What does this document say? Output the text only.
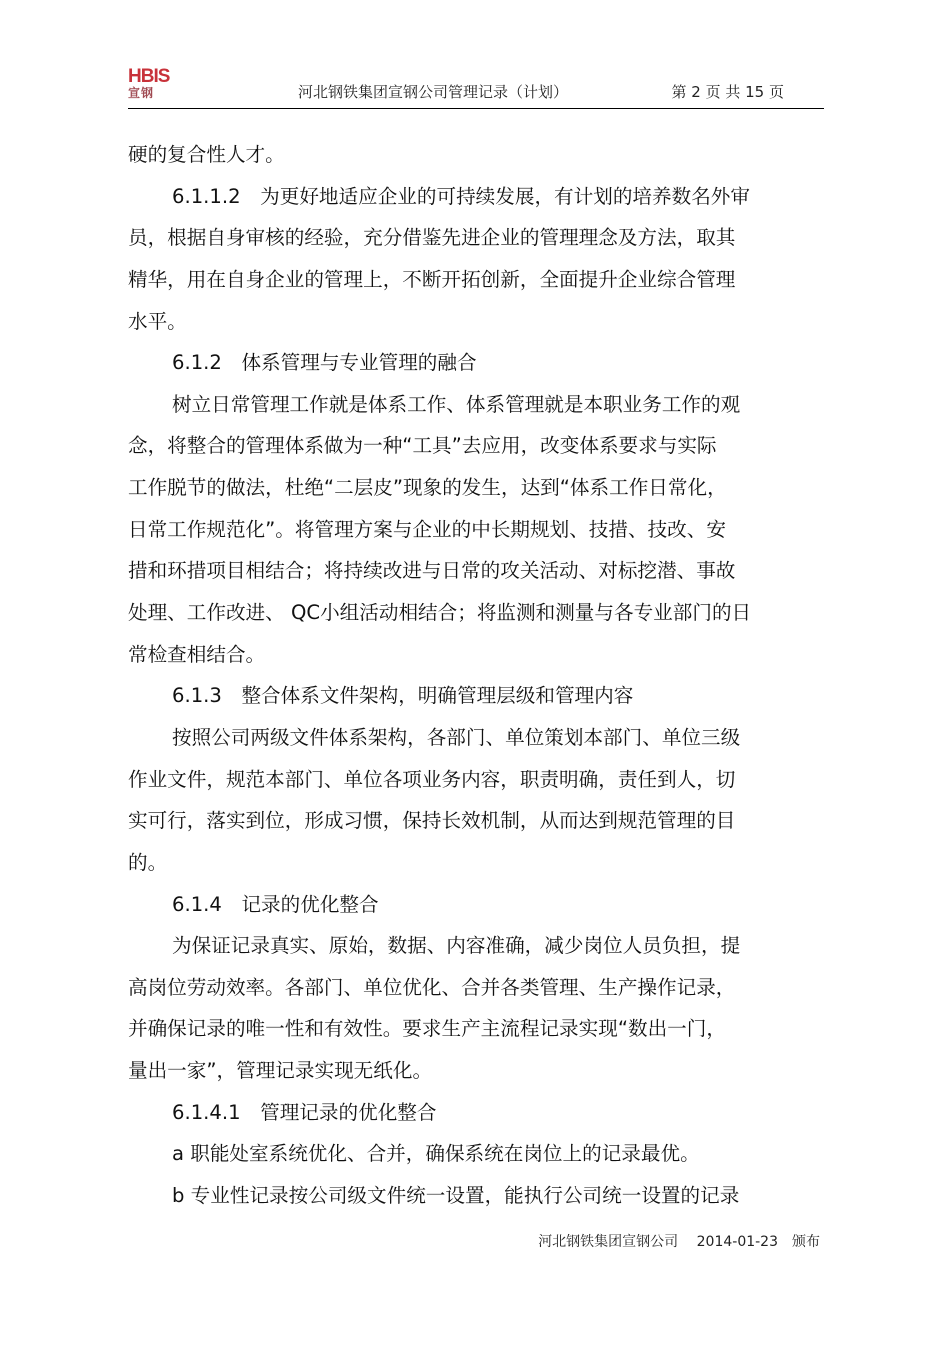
HBIS
宣钢	河北钢铁集团宣钢公司管理记录（计划）	第 2 页 共 15 页
硬的复合性人才。
6.1.1.2　为更好地适应企业的可持续发展，有计划的培养数名外审
员，根据自身审核的经验，充分借鉴先进企业的管理理念及方法，取其
精华，用在自身企业的管理上，不断开拓创新，全面提升企业综合管理
水平。
6.1.2　体系管理与专业管理的融合
树立日常管理工作就是体系工作、体系管理就是本职业务工作的观
念，将整合的管理体系做为一种“工具”去应用，改变体系要求与实际
工作脱节的做法，杜绝“二层皮”现象的发生，达到“体系工作日常化，
日常工作规范化”。将管理方案与企业的中长期规划、技措、技改、安
措和环措项目相结合；将持续改进与日常的攻关活动、对标挖潜、事故
处理、工作改进、 QC小组活动相结合；将监测和测量与各专业部门的日
常检查相结合。
6.1.3　整合体系文件架构，明确管理层级和管理内容
按照公司两级文件体系架构，各部门、单位策划本部门、单位三级
作业文件，规范本部门、单位各项业务内容，职责明确，责任到人，切
实可行，落实到位，形成习惯，保持长效机制，从而达到规范管理的目
的。
6.1.4　记录的优化整合
为保证记录真实、原始，数据、内容准确，减少岗位人员负担，提
高岗位劳动效率。各部门、单位优化、合并各类管理、生产操作记录，
并确保记录的唯一性和有效性。要求生产主流程记录实现“数出一门，
量出一家”，管理记录实现无纸化。
6.1.4.1　管理记录的优化整合
a 职能处室系统优化、合并，确保系统在岗位上的记录最优。
b 专业性记录按公司级文件统一设置，能执行公司统一设置的记录
河北钢铁集团宣钢公司　 2014-01-23　颁布
